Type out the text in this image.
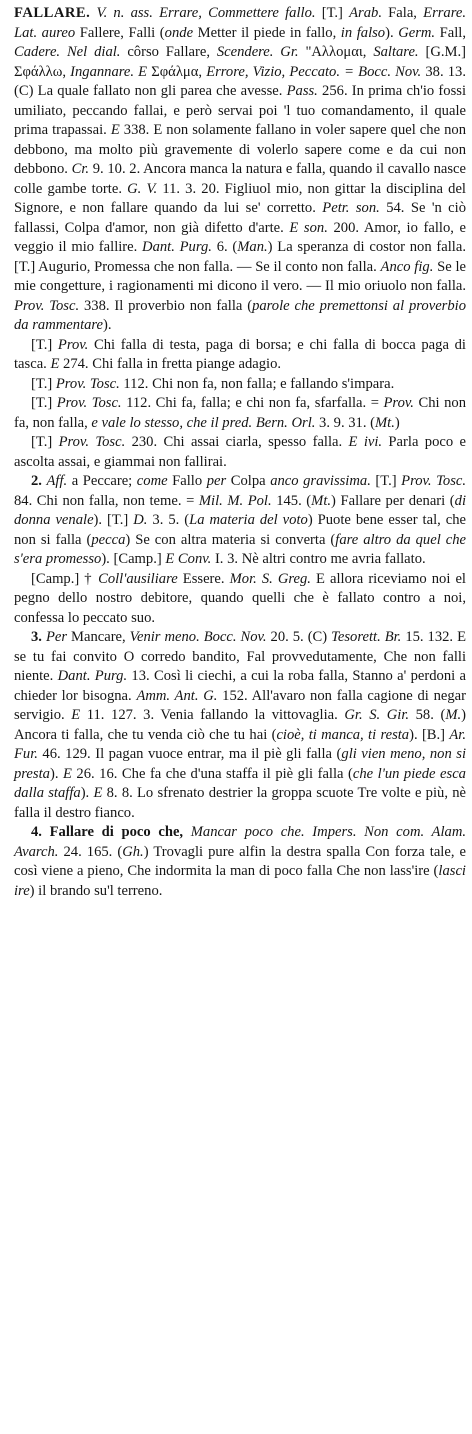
FALLARE. V. n. ass. Errare, Commettere fallo. [T.] Arab. Fala, Errare. Lat. aureo Fallere, Falli (onde Metter il piede in fallo, in falso). Germ. Fall, Cadere. Nel dial. côrso Fallare, Scendere. Gr. "Αλλομαι, Saltare. [G.M.] Σφάλλω, Ingannare. E Σφάλμα, Errore, Vizio, Peccato. = Bocc. Nov. 38. 13. (C) La quale fallato non gli parea che avesse. Pass. 256. In prima ch'io fossi umiliato, peccando fallai, e però servai poi 'l tuo comandamento, il quale prima trapassai. E 338. E non solamente fallano in voler sapere quel che non debbono, ma molto più gravemente di volerlo sapere come e da cui non debbono. Cr. 9. 10. 2. Ancora manca la natura e falla, quando il cavallo nasce colle gambe torte. G. V. 11. 3. 20. Figliuol mio, non gittar la disciplina del Signore, e non fallare quando da lui se' corretto. Petr. son. 54. Se 'n ciò fallassi, Colpa d'amor, non già difetto d'arte. E son. 200. Amor, io fallo, e veggio il mio fallire. Dant. Purg. 6. (Man.) La speranza di costor non falla. [T.] Augurio, Promessa che non falla. — Se il conto non falla. Anco fig. Se le mie congetture, i ragionamenti mi dicono il vero. — Il mio oriuolo non falla. Prov. Tosc. 338. Il proverbio non falla (parole che premettonsi al proverbio da rammentare).

[T.] Prov. Chi falla di testa, paga di borsa; e chi falla di bocca paga di tasca. E 274. Chi falla in fretta piange adagio.

[T.] Prov. Tosc. 112. Chi non fa, non falla; e fallando s'impara.

[T.] Prov. Tosc. 112. Chi fa, falla; e chi non fa, sfarfalla. = Prov. Chi non fa, non falla, e vale lo stesso, che il pred. Bern. Orl. 3. 9. 31. (Mt.)

[T.] Prov. Tosc. 230. Chi assai ciarla, spesso falla. E ivi. Parla poco e ascolta assai, e giammai non fallirai.

2. Aff. a Peccare; come Fallo per Colpa anco gravissima. [T.] Prov. Tosc. 84. Chi non falla, non teme. = Mil. M. Pol. 145. (Mt.) Fallare per denari (di donna venale). [T.] D. 3. 5. (La materia del voto) Puote bene esser tal, che non si falla (pecca) Se con altra materia si converta (fare altro da quel che s'era promesso). [Camp.] E Conv. I. 3. Nè altri contro me avria fallato.

[Camp.] † Coll'ausiliare Essere. Mor. S. Greg. E allora riceviamo noi el pegno dello nostro debitore, quando quelli che è fallato contro a noi, confessa lo peccato suo.

3. Per Mancare, Venir meno. Bocc. Nov. 20. 5. (C) Tesorett. Br. 15. 132. E se tu fai convito O corredo bandito, Fal provvedutamente, Che non falli niente. Dant. Purg. 13. Così li ciechi, a cui la roba falla, Stanno a' perdoni a chieder lor bisogna. Amm. Ant. G. 152. All'avaro non falla cagione di negar servigio. E 11. 127. 3. Venia fallando la vittovaglia. Gr. S. Gir. 58. (M.) Ancora ti falla, che tu venda ciò che tu hai (cioè, ti manca, ti resta). [B.] Ar. Fur. 46. 129. Il pagan vuoce entrar, ma il piè gli falla (gli vien meno, non si presta). E 26. 16. Che fa che d'una staffa il piè gli falla (che l'un piede esca dalla staffa). E 8. 8. Lo sfrenato destrier la groppa scuote Tre volte e più, nè falla il destro fianco.

4. Fallare di poco che, Mancar poco che. Impers. Non com. Alam. Avarch. 24. 165. (Gh.) Trovagli pure alfin la destra spalla Con forza tale, e così viene a pieno, Che indormita la man di poco falla Che non lass'ire (lasci ire) il brando su'l terreno.
